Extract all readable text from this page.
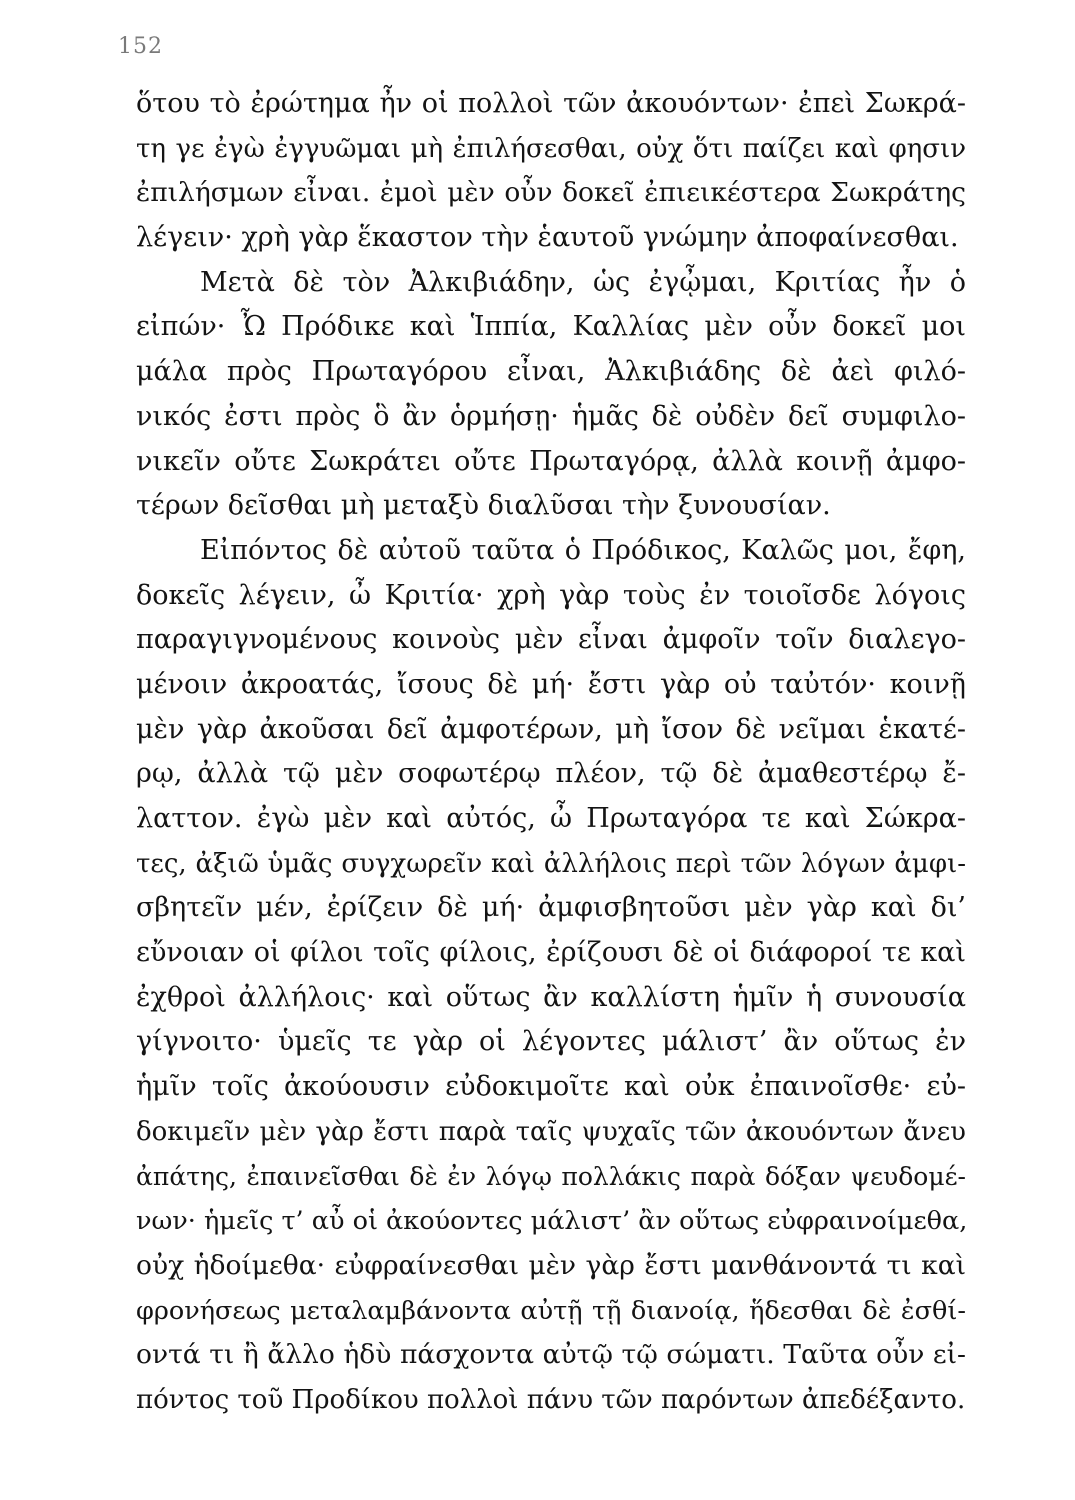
152
ὅτου τὸ ἐρώτημα ἦν οἱ πολλοὶ τῶν ἀκουόντων· ἐπεὶ Σωκρά-
τη γε ἐγὼ ἐγγυῶμαι μὴ ἐπιλήσεσθαι, οὐχ ὅτι παίζει καὶ φησιν
ἐπιλήσμων εἶναι. ἐμοὶ μὲν οὖν δοκεῖ ἐπιεικέστερα Σωκράτης
λέγειν· χρὴ γὰρ ἕκαστον τὴν ἑαυτοῦ γνώμην ἀποφαίνεσθαι.
Μετὰ δὲ τὸν Ἀλκιβιάδην, ὡς ἐγᾦμαι, Κριτίας ἦν ὁ
εἰπών· Ὦ Πρόδικε καὶ Ἱππία, Καλλίας μὲν οὖν δοκεῖ μοι
μάλα πρὸς Πρωταγόρου εἶναι, Ἀλκιβιάδης δὲ ἀεὶ φιλό-
νικός ἐστι πρὸς ὃ ἂν ὁρμήσῃ· ἡμᾶς δὲ οὐδὲν δεῖ συμφιλο-
νικεῖν οὔτε Σωκράτει οὔτε Πρωταγόρᾳ, ἀλλὰ κοινῇ ἀμφο-
τέρων δεῖσθαι μὴ μεταξὺ διαλῦσαι τὴν ξυνουσίαν.
Εἰπόντος δὲ αὐτοῦ ταῦτα ὁ Πρόδικος, Καλῶς μοι, ἔφη,
δοκεῖς λέγειν, ὦ Κριτία· χρὴ γὰρ τοὺς ἐν τοιοῖσδε λόγοις
παραγιγνομένους κοινοὺς μὲν εἶναι ἀμφοῖν τοῖν διαλεγο-
μένοιν ἀκροατάς, ἴσους δὲ μή· ἔστι γὰρ οὐ ταὐτόν· κοινῇ
μὲν γὰρ ἀκοῦσαι δεῖ ἀμφοτέρων, μὴ ἴσον δὲ νεῖμαι ἑκατέ-
ρῳ, ἀλλὰ τῷ μὲν σοφωτέρῳ πλέον, τῷ δὲ ἀμαθεστέρῳ ἔ-
λαττον. ἐγὼ μὲν καὶ αὐτός, ὦ Πρωταγόρα τε καὶ Σώκρα-
τες, ἀξιῶ ὑμᾶς συγχωρεῖν καὶ ἀλλήλοις περὶ τῶν λόγων ἀμφι-
σβητεῖν μέν, ἐρίζειν δὲ μή· ἀμφισβητοῦσι μὲν γὰρ καὶ δι’
εὔνοιαν οἱ φίλοι τοῖς φίλοις, ἐρίζουσι δὲ οἱ διάφοροί τε καὶ
ἐχθροὶ ἀλλήλοις· καὶ οὕτως ἂν καλλίστη ἡμῖν ἡ συνουσία
γίγνοιτο· ὑμεῖς τε γὰρ οἱ λέγοντες μάλιστ’ ἂν οὕτως ἐν
ἡμῖν τοῖς ἀκούουσιν εὐδοκιμοῖτε καὶ οὐκ ἐπαινοῖσθε· εὐ-
δοκιμεῖν μὲν γὰρ ἔστι παρὰ ταῖς ψυχαῖς τῶν ἀκουόντων ἄνευ
ἀπάτης, ἐπαινεῖσθαι δὲ ἐν λόγῳ πολλάκις παρὰ δόξαν ψευδομέ-
νων· ἡμεῖς τ’ αὖ οἱ ἀκούοντες μάλιστ’ ἂν οὕτως εὐφραινοίμεθα,
οὐχ ἡδοίμεθα· εὐφραίνεσθαι μὲν γὰρ ἔστι μανθάνοντά τι καὶ
φρονήσεως μεταλαμβάνοντα αὐτῇ τῇ διανοίᾳ, ἥδεσθαι δὲ ἐσθί-
οντά τι ἢ ἄλλο ἡδὺ πάσχοντα αὐτῷ τῷ σώματι. Ταῦτα οὖν εἰ-
πόντος τοῦ Προδίκου πολλοὶ πάνυ τῶν παρόντων ἀπεδέξαντο.
